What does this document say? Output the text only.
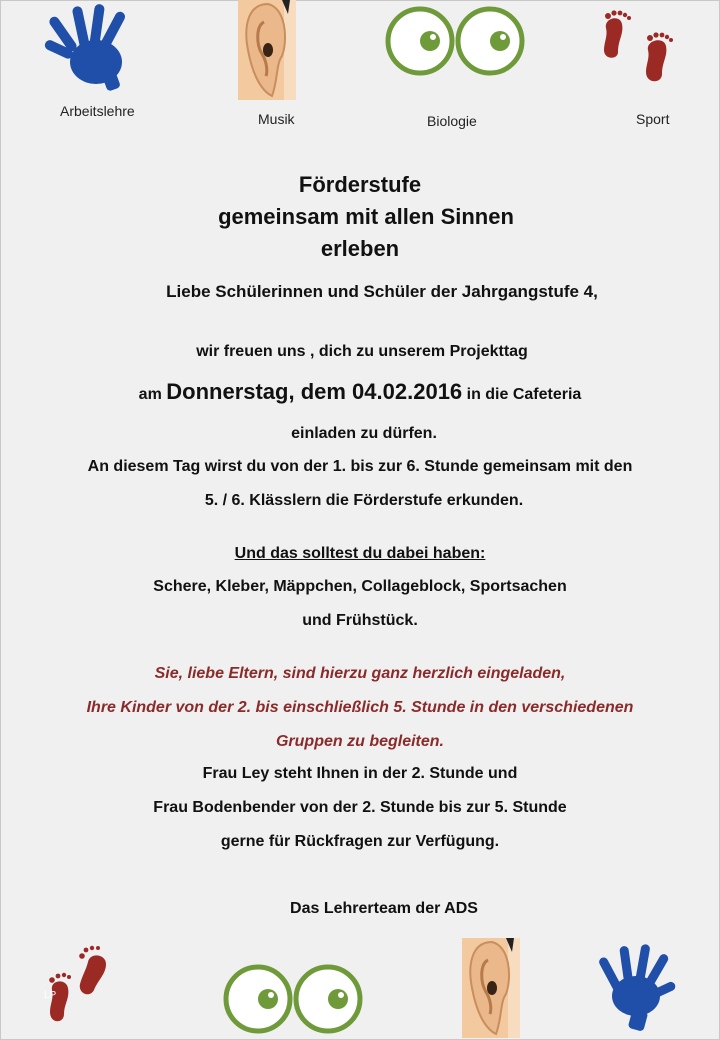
Arbeitslehre	Musik	Biologie	Sport
Förderstufe
gemeinsam mit allen Sinnen
erleben
Liebe Schülerinnen und Schüler der Jahrgangstufe 4,
wir freuen uns , dich zu unserem Projekttag
am Donnerstag, dem 04.02.2016 in die Cafeteria
einladen zu dürfen.
An diesem Tag wirst du von der 1. bis zur 6. Stunde gemeinsam mit den
5. / 6. Klässlern die Förderstufe erkunden.
Und das solltest du dabei haben:
Schere, Kleber, Mäppchen, Collageblock, Sportsachen
und Frühstück.
Sie, liebe Eltern, sind hierzu ganz herzlich eingeladen,
Ihre Kinder von der 2. bis einschließlich 5. Stunde in den verschiedenen
Gruppen zu begleiten.
Frau Ley steht Ihnen in der 2. Stunde und
Frau Bodenbender von der 2. Stunde bis zur 5. Stunde
gerne für Rückfragen zur Verfügung.
Das Lehrerteam der ADS
LP
